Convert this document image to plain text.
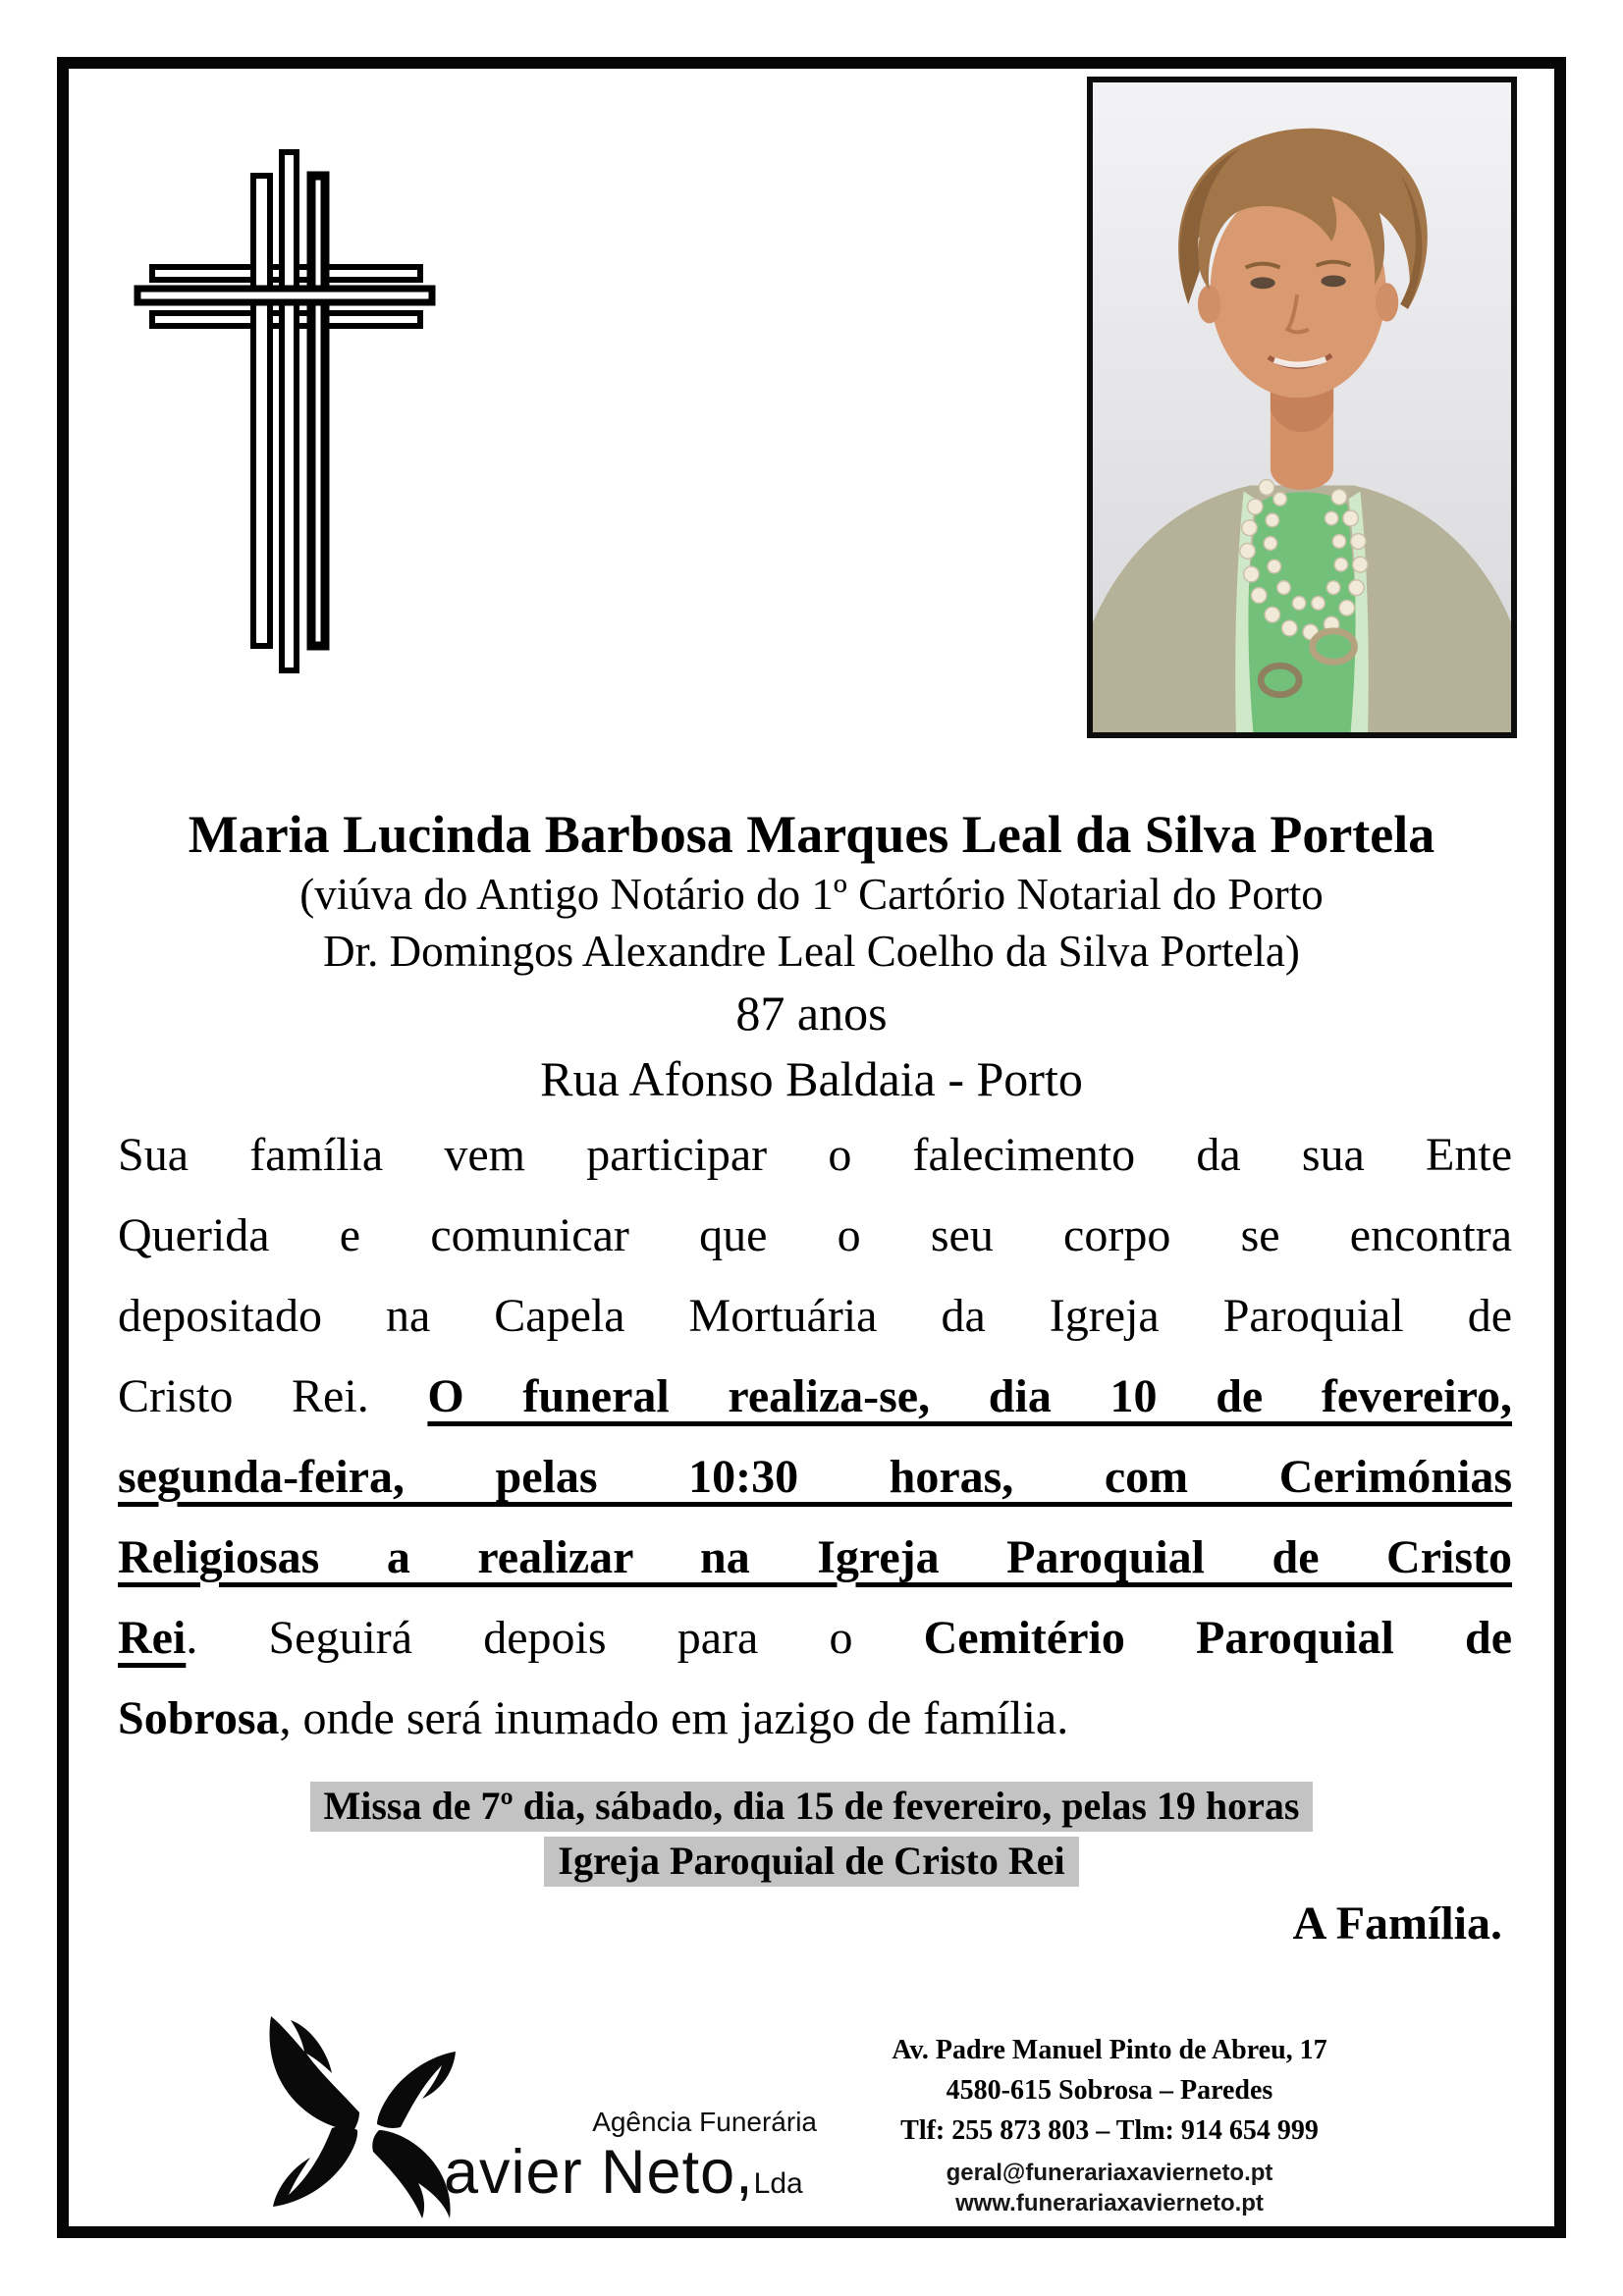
Maria Lucinda Barbosa Marques Leal da Silva Portela
(viúva do Antigo Notário do 1º Cartório Notarial do Porto
Dr. Domingos Alexandre Leal Coelho da Silva Portela)
87 anos
Rua Afonso Baldaia - Porto
Sua família vem participar o falecimento da sua Ente
Querida e comunicar que o seu corpo se encontra
depositado na Capela Mortuária da Igreja Paroquial de
Cristo Rei. O funeral realiza-se, dia 10 de fevereiro,
segunda-feira, pelas 10:30 horas, com Cerimónias
Religiosas a realizar na Igreja Paroquial de Cristo
Rei. Seguirá depois para o Cemitério Paroquial de
Sobrosa, onde será inumado em jazigo de família.
Missa de 7º dia, sábado, dia 15 de fevereiro, pelas 19 horas
Igreja Paroquial de Cristo Rei
A Família.
Agência Funerária
avier Neto,Lda
Av. Padre Manuel Pinto de Abreu, 17
4580-615 Sobrosa – Paredes
Tlf: 255 873 803 – Tlm: 914 654 999
geral@funerariaxavierneto.pt
www.funerariaxavierneto.pt
